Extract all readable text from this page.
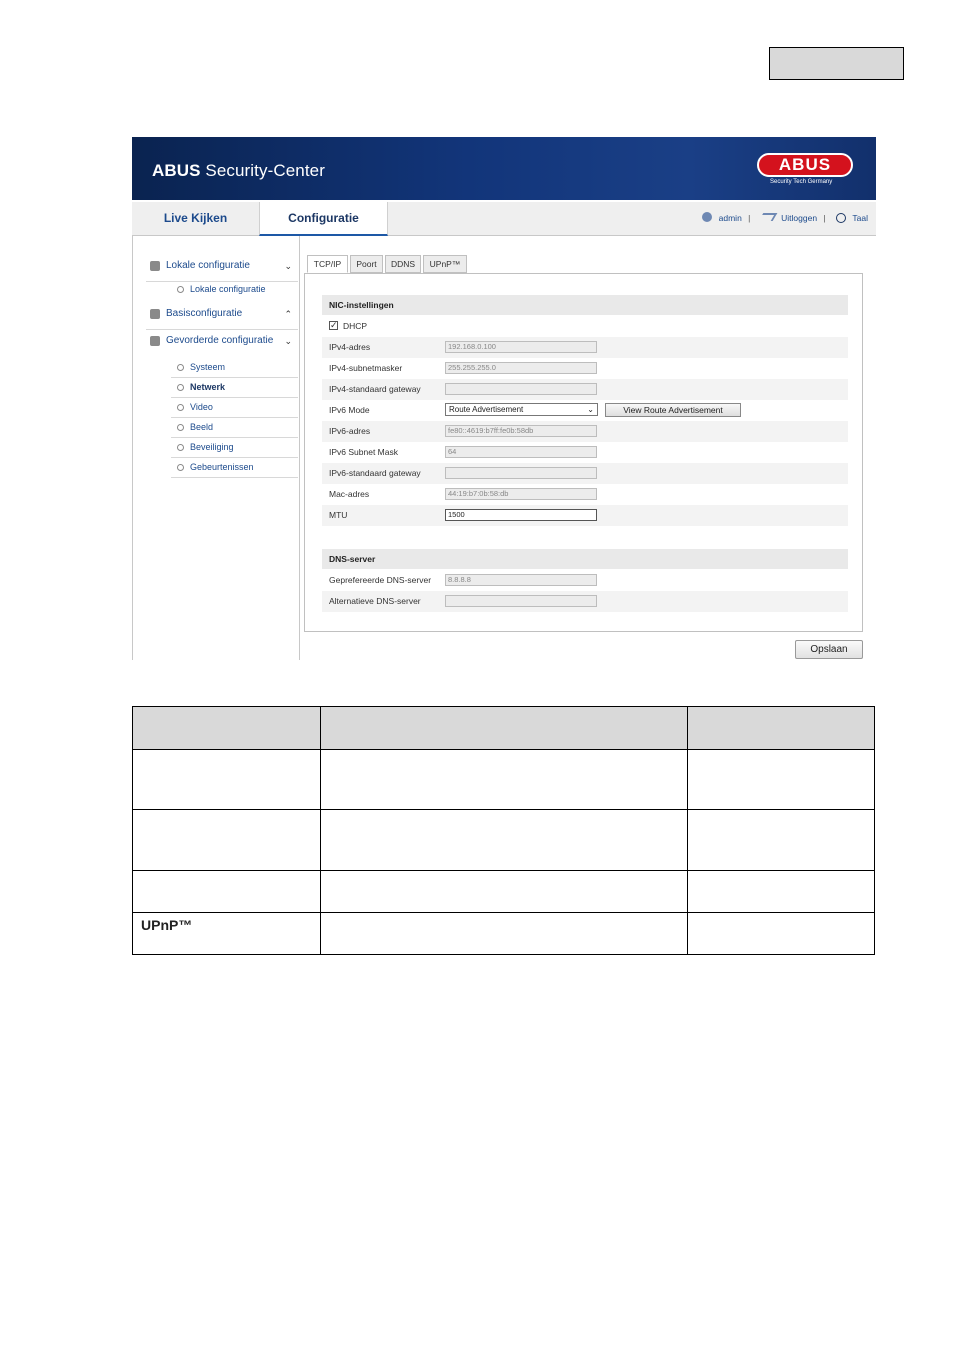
ABUS Security-Center	ABUS
Security Tech Germany
Live Kijken	Configuratie	admin |	Uitloggen |	Taal
Lokale configuratie	⌄
Lokale configuratie
Basisconfiguratie	⌃
Gevorderde configuratie ⌄
Systeem
Netwerk
Video
Beeld
Beveiliging
Gebeurtenissen
TCP/IP	Poort	DDNS	UPnP™
NIC-instellingen
✓ DHCP
IPv4-adres	192.168.0.100
IPv4-subnetmasker	255.255.255.0
IPv4-standaard gateway
IPv6 Mode	Route Advertisement	⌄	View Route Advertisement
IPv6-adres	fe80::4619:b7ff:fe0b:58db
IPv6 Subnet Mask	64
IPv6-standaard gateway
Mac-adres	44:19:b7:0b:58:db
MTU	1500
DNS-server
Geprefereerde DNS-server	8.8.8.8
Alternatieve DNS-server
Opslaan

UPnP™		
